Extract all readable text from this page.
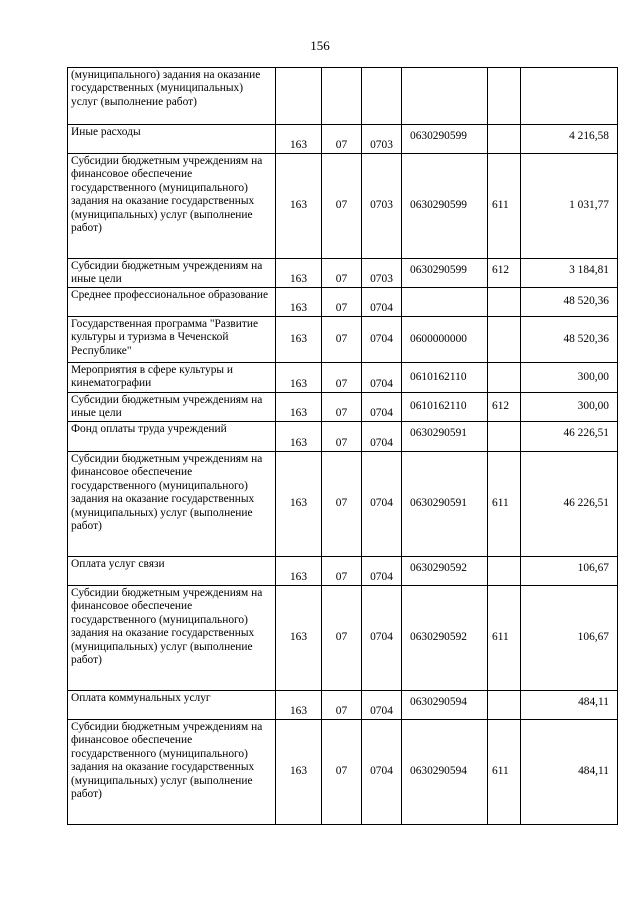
156
(муниципального) задания на оказание государственных (муниципальных) услуг (выполнение работ)						
Иные расходы	163	07	0703	0630290599		4 216,58
Субсидии бюджетным учреждениям на финансовое обеспечение государственного (муниципального) задания на оказание государственных (муниципальных) услуг (выполнение работ)	163	07	0703	0630290599	611	1 031,77
Субсидии бюджетным учреждениям на иные цели	163	07	0703	0630290599	612	3 184,81
Среднее профессиональное образование	163	07	0704			48 520,36
Государственная программа "Развитие культуры и туризма в Чеченской Республике"	163	07	0704	0600000000		48 520,36
Мероприятия в сфере культуры и кинематографии	163	07	0704	0610162110		300,00
Субсидии бюджетным учреждениям на иные цели	163	07	0704	0610162110	612	300,00
Фонд оплаты труда учреждений	163	07	0704	0630290591		46 226,51
Субсидии бюджетным учреждениям на финансовое обеспечение государственного (муниципального) задания на оказание государственных (муниципальных) услуг (выполнение работ)	163	07	0704	0630290591	611	46 226,51
Оплата услуг связи	163	07	0704	0630290592		106,67
Субсидии бюджетным учреждениям на финансовое обеспечение государственного (муниципального) задания на оказание государственных (муниципальных) услуг (выполнение работ)	163	07	0704	0630290592	611	106,67
Оплата коммунальных услуг	163	07	0704	0630290594		484,11
Субсидии бюджетным учреждениям на финансовое обеспечение государственного (муниципального) задания на оказание государственных (муниципальных) услуг (выполнение работ)	163	07	0704	0630290594	611	484,11
